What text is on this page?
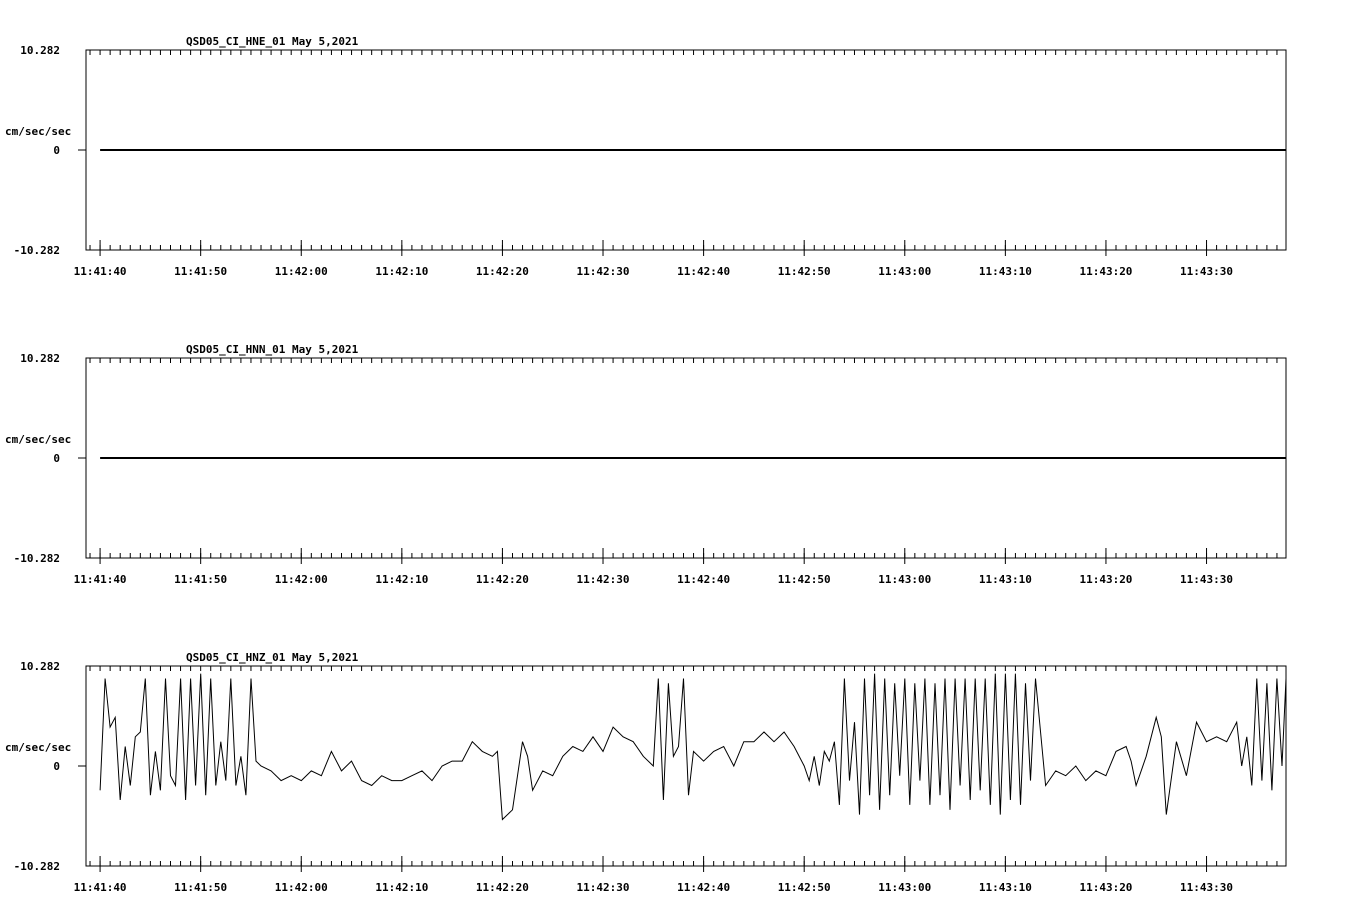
QSD05_CI_HNE_01 May 5,2021
10.282
0
-10.282
cm/sec/sec
11:41:40	11:41:50	11:42:00	11:42:10	11:42:20	11:42:30	11:42:40	11:42:50	11:43:00	11:43:10	11:43:20	11:43:30
QSD05_CI_HNN_01 May 5,2021
10.282
0
-10.282
cm/sec/sec
11:41:40	11:41:50	11:42:00	11:42:10	11:42:20	11:42:30	11:42:40	11:42:50	11:43:00	11:43:10	11:43:20	11:43:30
QSD05_CI_HNZ_01 May 5,2021
10.282
0
-10.282
cm/sec/sec
11:41:40	11:41:50	11:42:00	11:42:10	11:42:20	11:42:30	11:42:40	11:42:50	11:43:00	11:43:10	11:43:20	11:43:30
